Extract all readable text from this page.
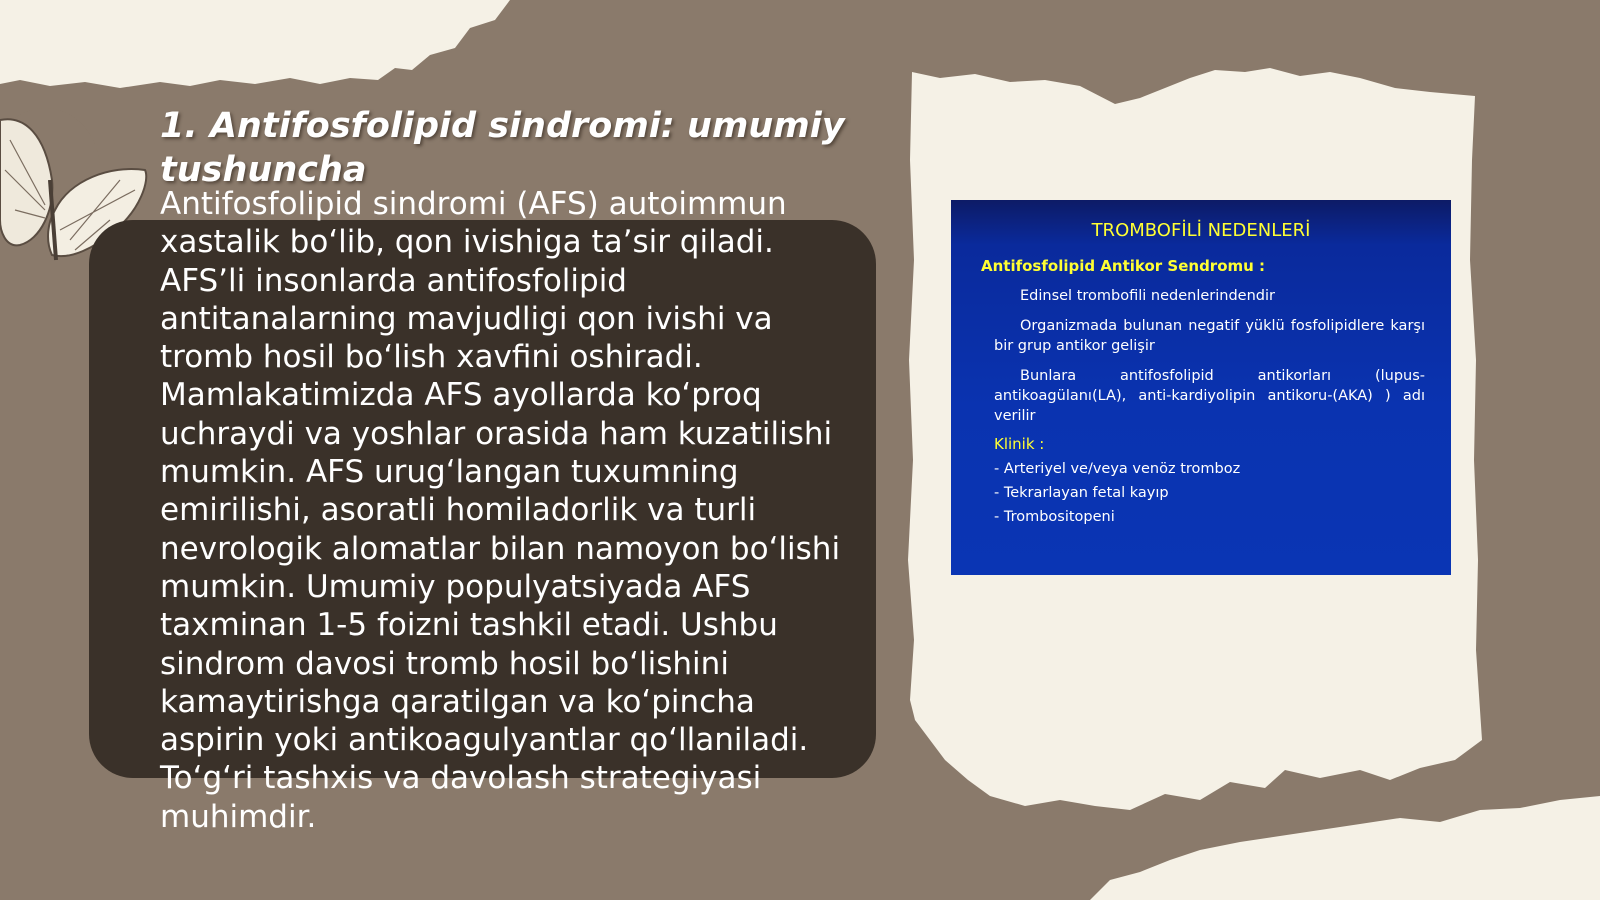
1. Antifosfolipid sindromi: umumiy tushuncha

Antifosfolipid sindromi (AFS) autoimmun xastalik bo‘lib, qon ivishiga ta’sir qiladi. AFS’li insonlarda antifosfolipid antitanalarning mavjudligi qon ivishi va tromb hosil bo‘lish xavfini oshiradi. Mamlakatimizda AFS ayollarda ko‘proq uchraydi va yoshlar orasida ham kuzatilishi mumkin. AFS urug‘langan tuxumning emirilishi, asoratli homiladorlik va turli nevrologik alomatlar bilan namoyon bo‘lishi mumkin. Umumiy populyatsiyada AFS taxminan 1-5 foizni tashkil etadi. Ushbu sindrom davosi tromb hosil bo‘lishini kamaytirishga qaratilgan va ko‘pincha aspirin yoki antikoagulyantlar qo‘llaniladi. To‘g‘ri tashxis va davolash strategiyasi muhimdir.

TROMBOFİLİ NEDENLERİ

Antifosfolipid Antikor Sendromu :

Edinsel trombofili nedenlerindendir

Organizmada bulunan negatif yüklü fosfolipidlere karşı bir grup antikor gelişir

Bunlara antifosfolipid antikorları (lupus-antikoagülanı(LA), anti-kardiyolipin antikoru-(AKA) ) adı verilir

Klinik :

- Arteriyel ve/veya venöz tromboz

- Tekrarlayan fetal kayıp

- Trombositopeni
